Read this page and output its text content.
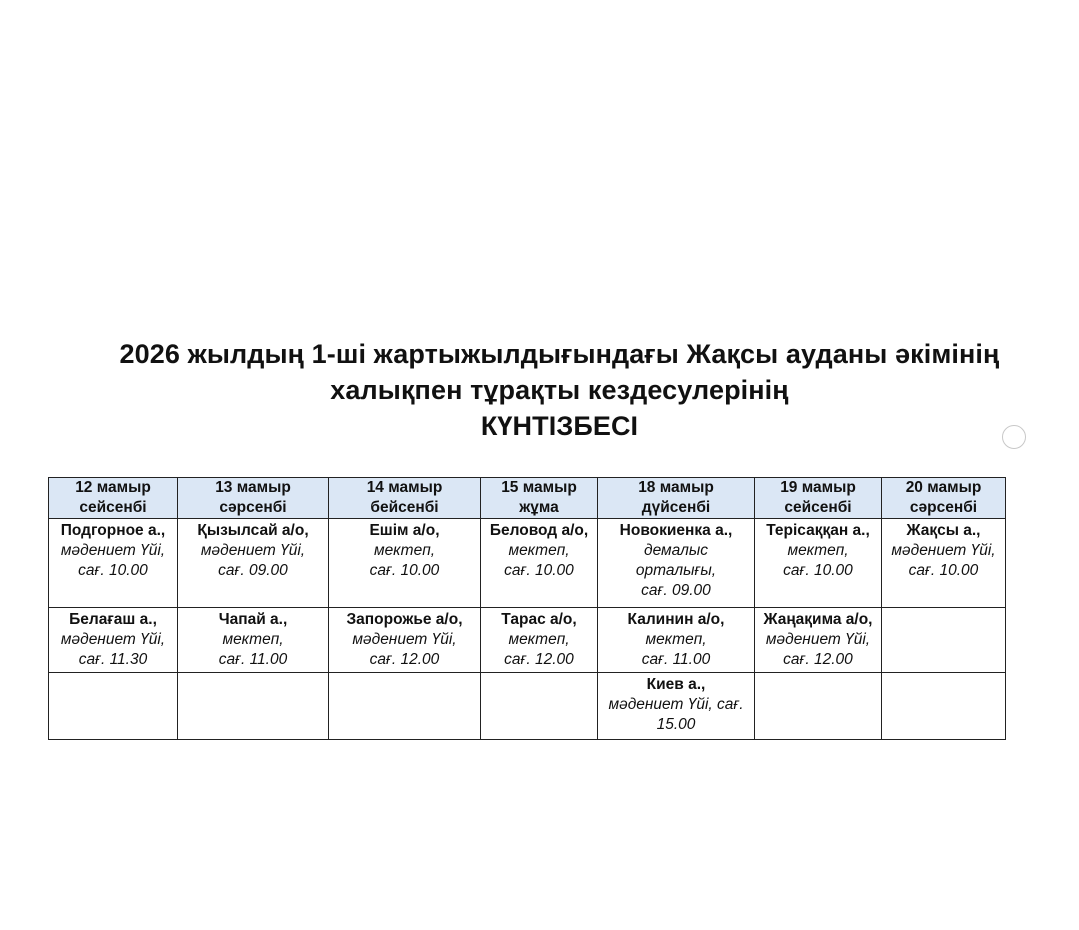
2026 жылдың 1-ші жартыжылдығындағы Жақсы ауданы әкімінің
халықпен тұрақты кездесулерінің
КҮНТІЗБЕСІ
12 мамыр
сейсенбі	13 мамыр
сәрсенбі	14 мамыр
бейсенбі	15 мамыр
жұма	18 мамыр
дүйсенбі	19 мамыр
сейсенбі	20 мамыр
сәрсенбі

Подгорное а.,
мәдениет Үйі,
сағ. 10.00	Қызылсай а/о,
мәдениет Үйі,
сағ. 09.00	Ешім а/о,
мектеп,
сағ. 10.00	Беловод а/о,
мектеп,
сағ. 10.00	Новокиенка а.,
демалыс
орталығы,
сағ. 09.00	Терісаққан а.,
мектеп,
сағ. 10.00	Жақсы а.,
мәдениет Үйі,
сағ. 10.00

Белағаш а.,
мәдениет Үйі,
сағ. 11.30	Чапай а.,
мектеп,
сағ. 11.00	Запорожье а/о,
мәдениет Үйі,
сағ. 12.00	Тарас а/о,
мектеп,
сағ. 12.00	Калинин а/о,
мектеп,
сағ. 11.00	Жаңақима а/о,
мәдениет Үйі,
сағ. 12.00	

				Киев а.,
мәдениет Үйі, сағ.
15.00		
